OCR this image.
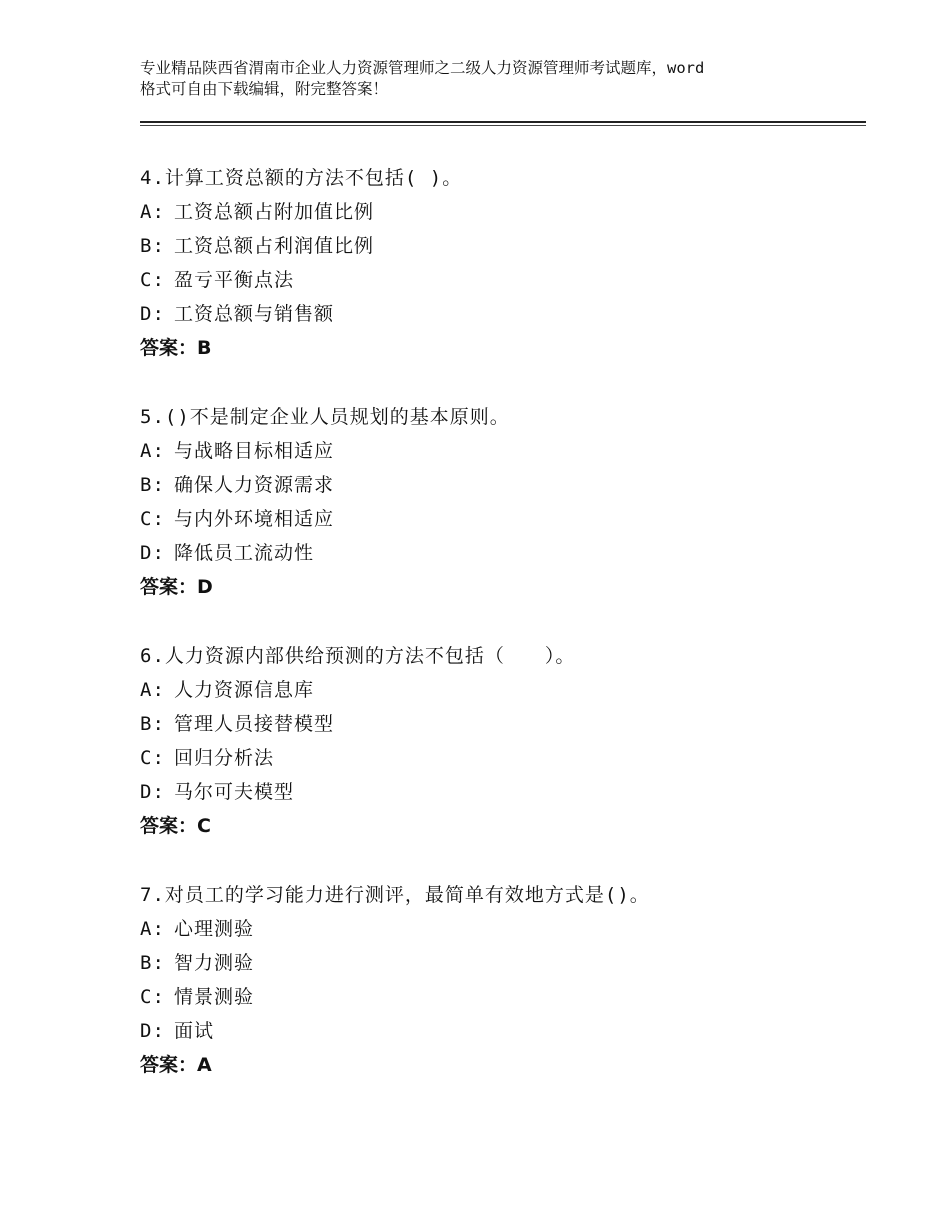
专业精品陕西省渭南市企业人力资源管理师之二级人力资源管理师考试题库，word
格式可自由下载编辑，附完整答案！
4.计算工资总额的方法不包括( )。
A: 工资总额占附加值比例
B: 工资总额占利润值比例
C: 盈亏平衡点法
D: 工资总额与销售额
答案：B
5.()不是制定企业人员规划的基本原则。
A: 与战略目标相适应
B: 确保人力资源需求
C: 与内外环境相适应
D: 降低员工流动性
答案：D
6.人力资源内部供给预测的方法不包括（　　）。
A: 人力资源信息库
B: 管理人员接替模型
C: 回归分析法
D: 马尔可夫模型
答案：C
7.对员工的学习能力进行测评，最简单有效地方式是()。
A: 心理测验
B: 智力测验
C: 情景测验
D: 面试
答案：A
